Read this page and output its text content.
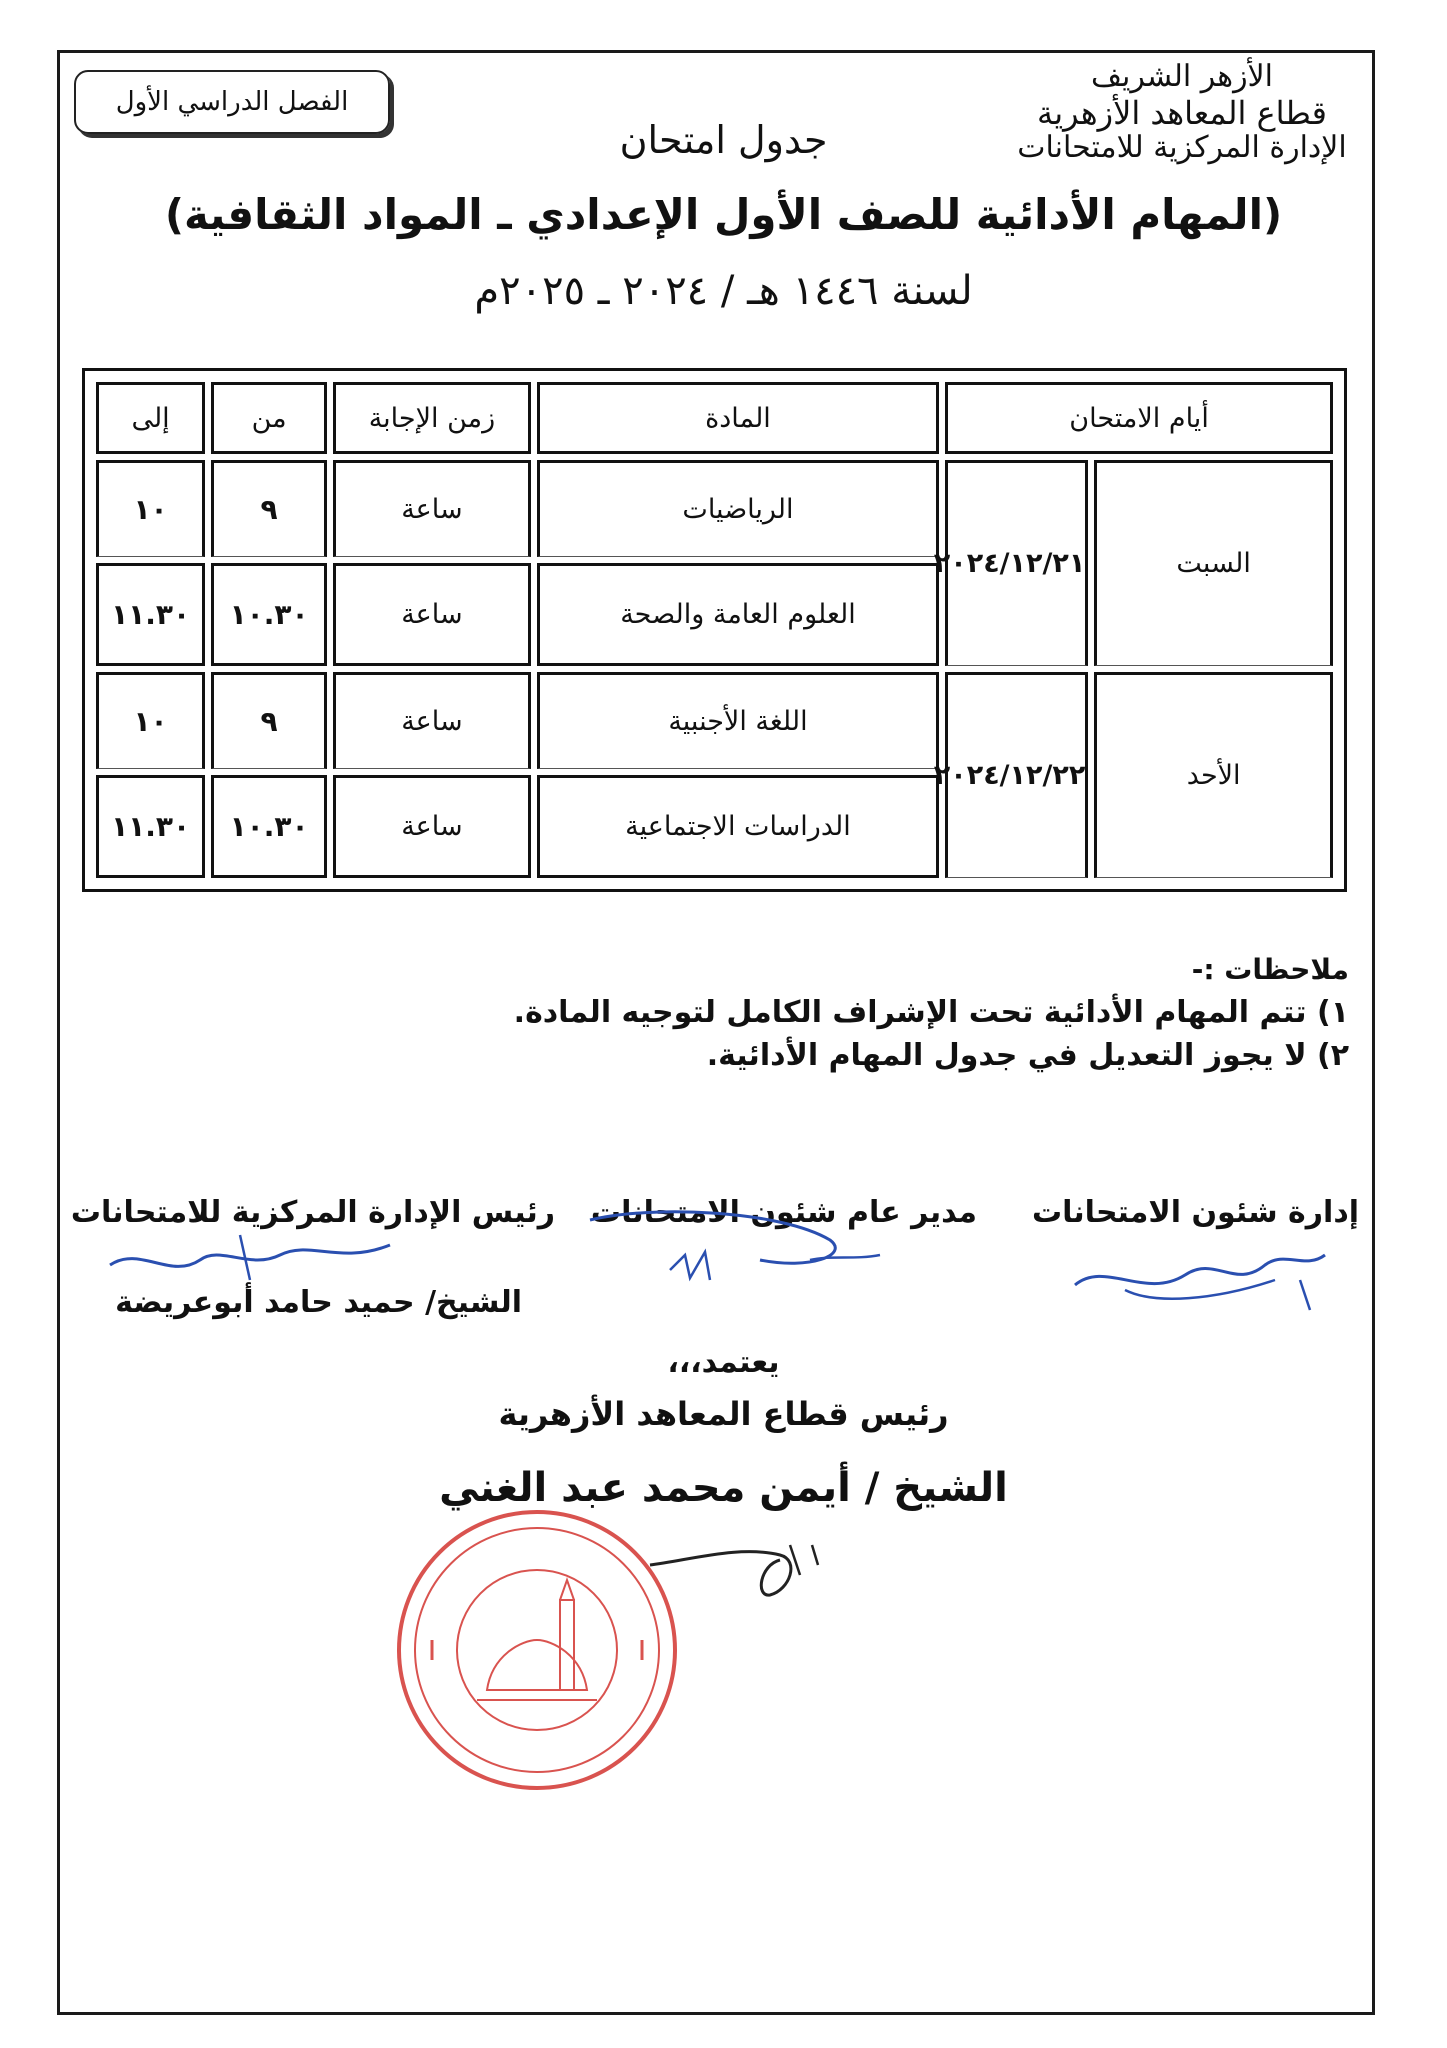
الأزهر الشريف
قطاع المعاهد الأزهرية
الإدارة المركزية للامتحانات
الفصل الدراسي الأول
جدول امتحان
(المهام الأدائية للصف الأول الإعدادي ـ المواد الثقافية)
لسنة ١٤٤٦ هـ / ٢٠٢٤ ـ ٢٠٢٥م
أيام الامتحان		المادة	زمن الإجابة	من	إلى
السبت	٢٠٢٤/١٢/٢١	الرياضيات	ساعة	٩	١٠
		العلوم العامة والصحة	ساعة	١٠.٣٠	١١.٣٠
الأحد	٢٠٢٤/١٢/٢٢	اللغة الأجنبية	ساعة	٩	١٠
		الدراسات الاجتماعية	ساعة	١٠.٣٠	١١.٣٠
ملاحظات :-
١) تتم المهام الأدائية تحت الإشراف الكامل لتوجيه المادة.
٢) لا يجوز التعديل في جدول المهام الأدائية.
إدارة شئون الامتحانات
مدير عام شئون الامتحانات
رئيس الإدارة المركزية للامتحانات
الشيخ/ حميد حامد أبوعريضة
يعتمد،،،
رئيس قطاع المعاهد الأزهرية
الشيخ / أيمن محمد عبد الغني
